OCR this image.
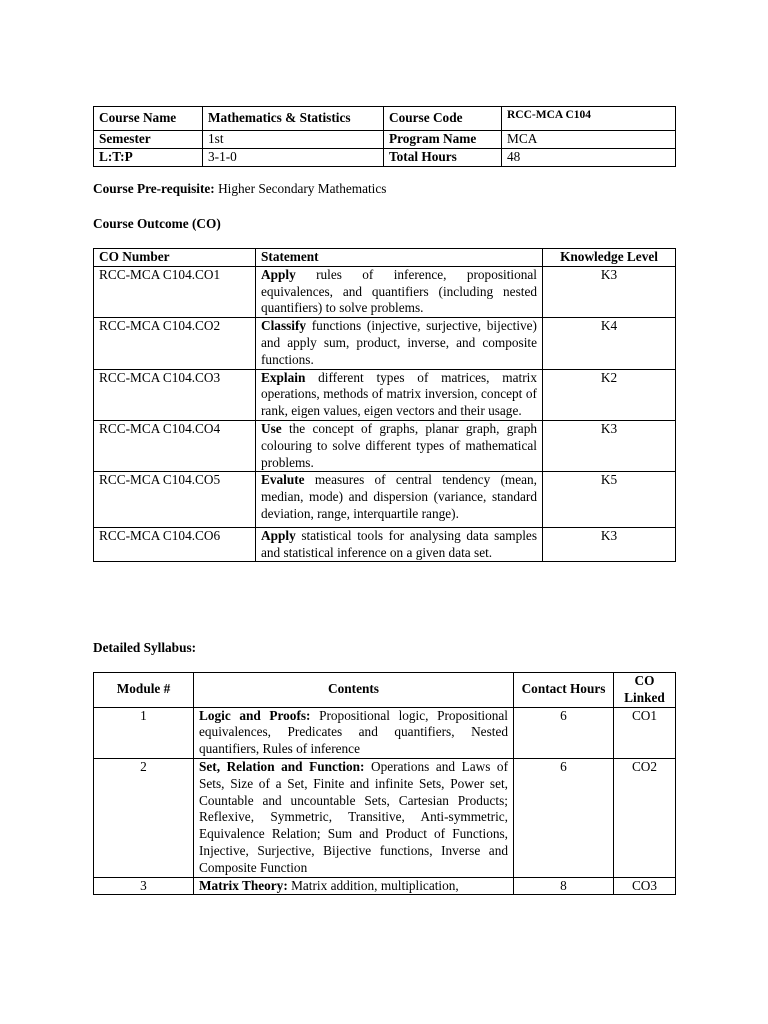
Course Name	Mathematics & Statistics	Course Code	RCC-MCA C104
Semester	1st	Program Name	MCA
L:T:P	3-1-0	Total Hours	48
Course Pre-requisite: Higher Secondary Mathematics
Course Outcome (CO)
CO Number	Statement	Knowledge Level
RCC-MCA C104.CO1	Apply rules of inference, propositional equivalences, and quantifiers (including nested quantifiers) to solve problems.	K3
RCC-MCA C104.CO2	Classify functions (injective, surjective, bijective) and apply sum, product, inverse, and composite functions.	K4
RCC-MCA C104.CO3	Explain different types of matrices, matrix operations, methods of matrix inversion, concept of rank, eigen values, eigen vectors and their usage.	K2
RCC-MCA C104.CO4	Use the concept of graphs, planar graph, graph colouring to solve different types of mathematical problems.	K3
RCC-MCA C104.CO5	Evalute measures of central tendency (mean, median, mode) and dispersion (variance, standard deviation, range, interquartile range).	K5
RCC-MCA C104.CO6	Apply statistical tools for analysing data samples and statistical inference on a given data set.	K3
Detailed Syllabus:
Module #	Contents	Contact Hours	CO Linked
1	Logic and Proofs: Propositional logic, Propositional equivalences, Predicates and quantifiers, Nested quantifiers, Rules of inference	6	CO1
2	Set, Relation and Function: Operations and Laws of Sets, Size of a Set, Finite and infinite Sets, Power set, Countable and uncountable Sets, Cartesian Products; Reflexive, Symmetric, Transitive, Anti-symmetric, Equivalence Relation; Sum and Product of Functions, Injective, Surjective, Bijective functions, Inverse and Composite Function	6	CO2
3	Matrix Theory: Matrix addition, multiplication,	8	CO3
